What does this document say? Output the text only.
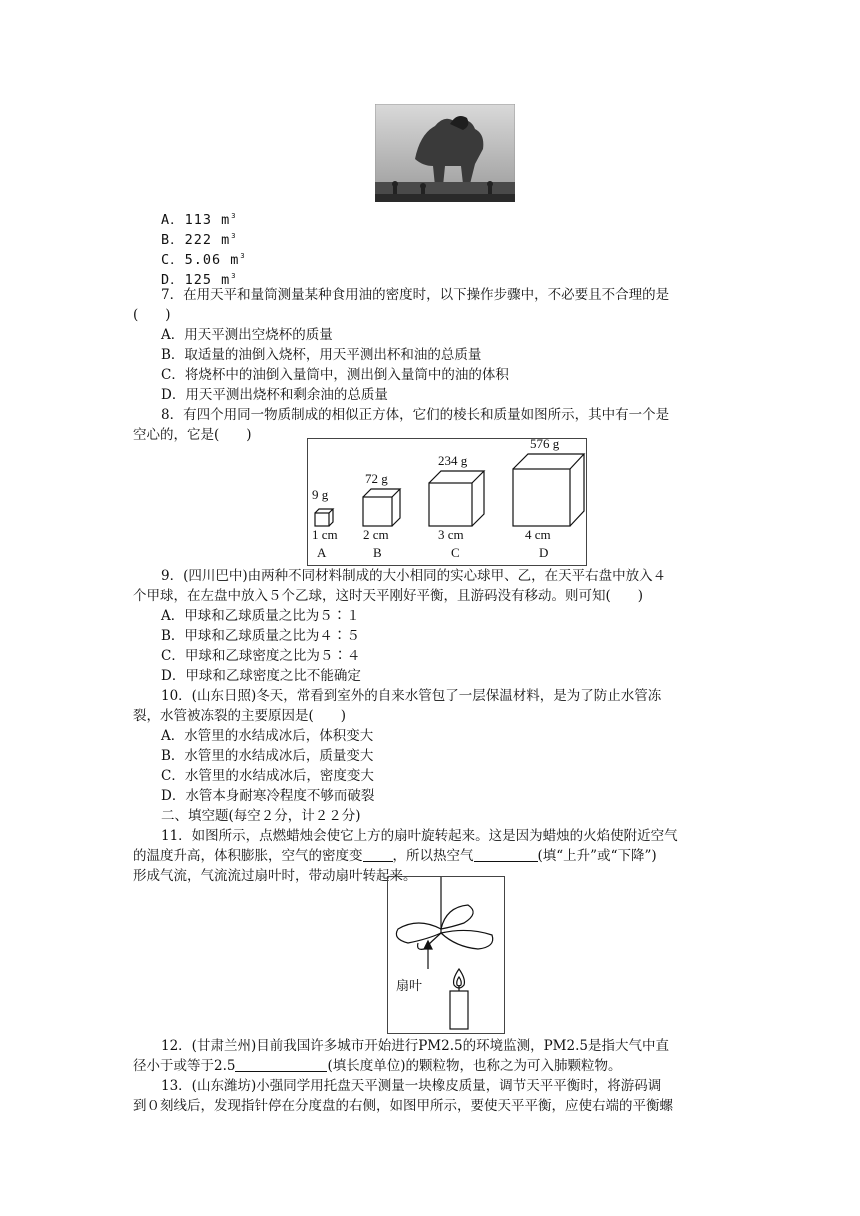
A．113 $m^3$
B．222 $m^3$
C．5.06 $m^3$
D．125 $m^3$
7．在用天平和量筒测量某种食用油的密度时，以下操作步骤中，不必要且不合理的是
(　　)
A．用天平测出空烧杯的质量
B．取适量的油倒入烧杯，用天平测出杯和油的总质量
C．将烧杯中的油倒入量筒中，测出倒入量筒中的油的体积
D．用天平测出烧杯和剩余油的总质量
8．有四个用同一物质制成的相似正方体，它们的棱长和质量如图所示，其中有一个是
空心的，它是(　　)
9 g
1 cm
A
72 g
2 cm
B
234 g
3 cm
C
576 g
4 cm
D
9．(四川巴中)由两种不同材料制成的大小相同的实心球甲、乙，在天平右盘中放入４
个甲球，在左盘中放入５个乙球，这时天平刚好平衡，且游码没有移动。则可知(　　)
A．甲球和乙球质量之比为５∶１
B．甲球和乙球质量之比为４∶５
C．甲球和乙球密度之比为５∶４
D．甲球和乙球密度之比不能确定
10．(山东日照)冬天，常看到室外的自来水管包了一层保温材料，是为了防止水管冻
裂，水管被冻裂的主要原因是(　　)
A．水管里的水结成冰后，体积变大
B．水管里的水结成冰后，质量变大
C．水管里的水结成冰后，密度变大
D．水管本身耐寒冷程度不够而破裂
二、填空题(每空２分，计２２分)
11．如图所示，点燃蜡烛会使它上方的扇叶旋转起来。这是因为蜡烛的火焰使附近空气
的温度升高，体积膨胀，空气的密度变 ，所以热空气	(填“上升”或“下降”)
形成气流，气流流过扇叶时，带动扇叶转起来。
扇叶
12．(甘肃兰州)目前我国许多城市开始进行PM2.5的环境监测，PM2.5是指大气中直
径小于或等于2.5	(填长度单位)的颗粒物，也称之为可入肺颗粒物。
13．(山东潍坊)小强同学用托盘天平测量一块橡皮质量，调节天平平衡时，将游码调
到０刻线后，发现指针停在分度盘的右侧，如图甲所示，要使天平平衡，应使右端的平衡螺
